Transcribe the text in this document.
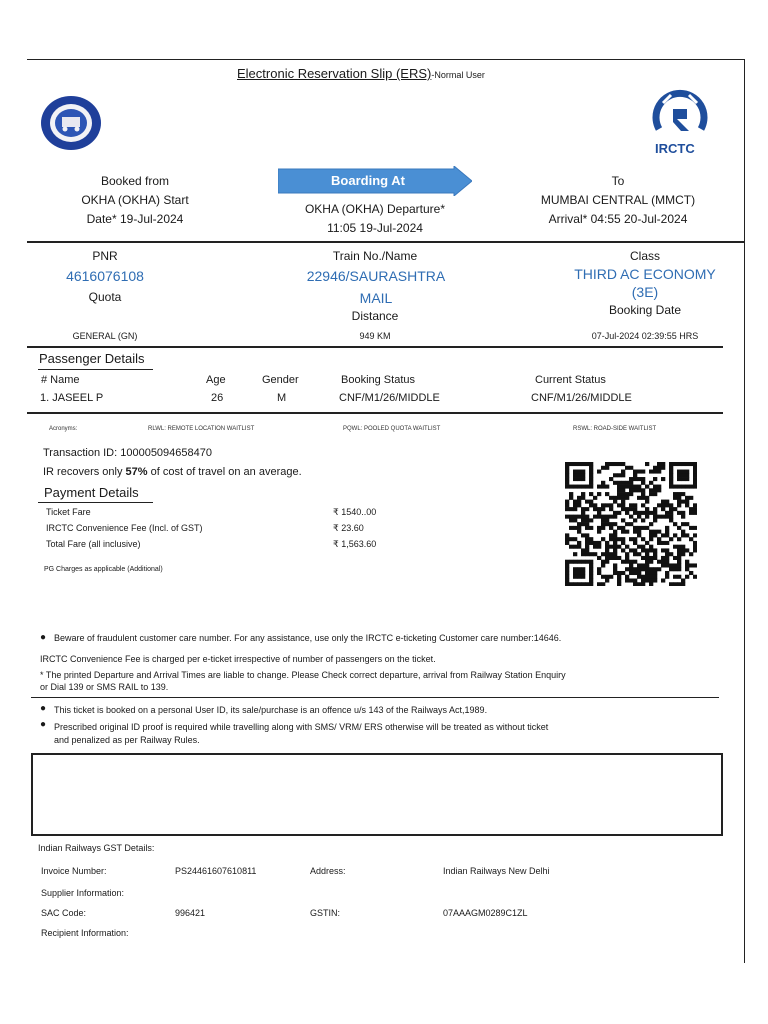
Electronic Reservation Slip (ERS)-Normal User
IRCTC
Booked from
OKHA (OKHA) Start
Date* 19-Jul-2024
Boarding At
OKHA (OKHA) Departure*
11:05 19-Jul-2024
To
MUMBAI CENTRAL (MMCT)
Arrival* 04:55 20-Jul-2024
PNR
4616076108
Quota
GENERAL (GN)
Train No./Name
22946/SAURASHTRA
MAIL
Distance
949 KM
Class
THIRD AC ECONOMY
(3E)
Booking Date
07-Jul-2024 02:39:55 HRS
Passenger Details
# Name	Age	Gender	Booking Status	Current Status
1. JASEEL P	26	M	CNF/M1/26/MIDDLE	CNF/M1/26/MIDDLE
Acronyms:	RLWL: REMOTE LOCATION WAITLIST	PQWL: POOLED QUOTA WAITLIST	RSWL: ROAD-SIDE WAITLIST
Transaction ID: 100005094658470
IR recovers only 57% of cost of travel on an average.
Payment Details
Ticket Fare	₹ 1540..00
IRCTC Convenience Fee (Incl. of GST)	₹ 23.60
Total Fare (all inclusive)	₹ 1,563.60
PG Charges as applicable (Additional)
● Beware of fraudulent customer care number. For any assistance, use only the IRCTC e-ticketing Customer care number:14646.
IRCTC Convenience Fee is charged per e-ticket irrespective of number of passengers on the ticket.
* The printed Departure and Arrival Times are liable to change. Please Check correct departure, arrival from Railway Station Enquiry
or Dial 139 or SMS RAIL to 139.
● This ticket is booked on a personal User ID, its sale/purchase is an offence u/s 143 of the Railways Act,1989.
● Prescribed original ID proof is required while travelling along with SMS/ VRM/ ERS otherwise will be treated as without ticket
and penalized as per Railway Rules.
Indian Railways GST Details:
Invoice Number:	PS24461607610811	Address:	Indian Railways New Delhi
Supplier Information:
SAC Code:	996421	GSTIN:	07AAAGM0289C1ZL
Recipient Information:
